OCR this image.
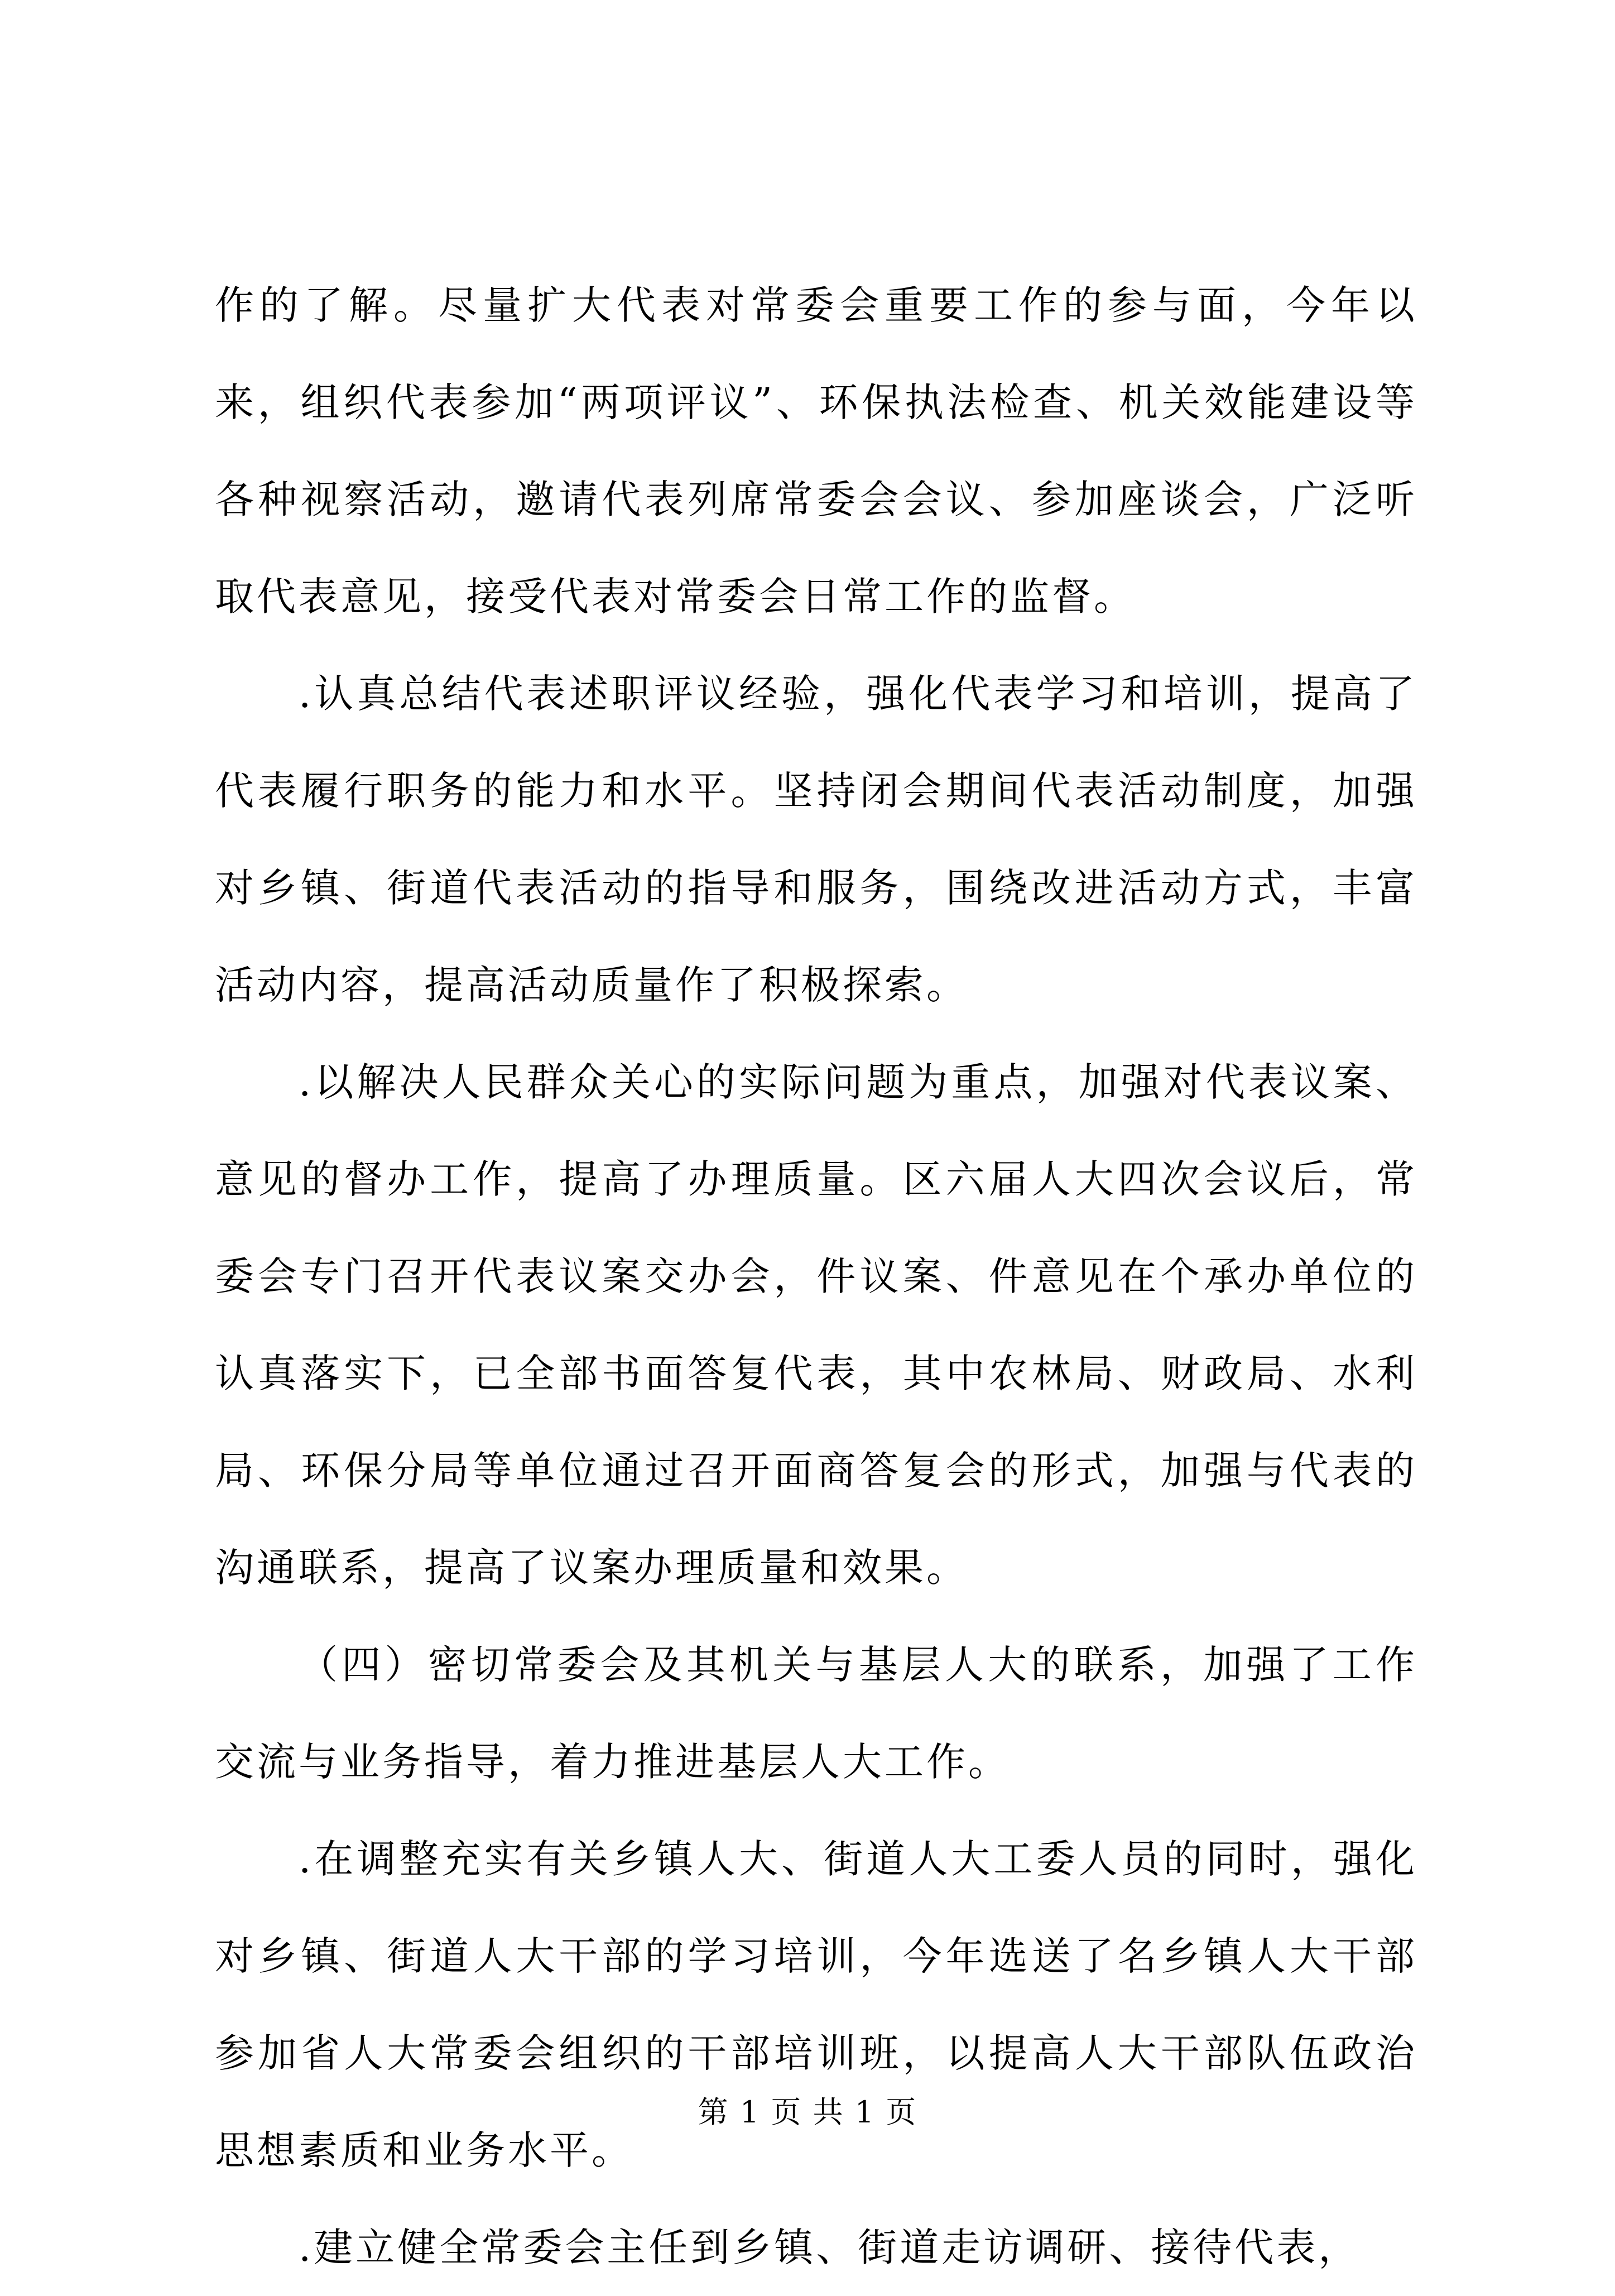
作的了解。尽量扩大代表对常委会重要工作的参与面，今年以来，组织代表参加“两项评议”、环保执法检查、机关效能建设等各种视察活动，邀请代表列席常委会会议、参加座谈会，广泛听取代表意见，接受代表对常委会日常工作的监督。

.认真总结代表述职评议经验，强化代表学习和培训，提高了代表履行职务的能力和水平。坚持闭会期间代表活动制度，加强对乡镇、街道代表活动的指导和服务，围绕改进活动方式，丰富活动内容，提高活动质量作了积极探索。

.以解决人民群众关心的实际问题为重点，加强对代表议案、意见的督办工作，提高了办理质量。区六届人大四次会议后，常委会专门召开代表议案交办会，件议案、件意见在个承办单位的认真落实下，已全部书面答复代表，其中农林局、财政局、水利局、环保分局等单位通过召开面商答复会的形式，加强与代表的沟通联系，提高了议案办理质量和效果。

（四）密切常委会及其机关与基层人大的联系，加强了工作交流与业务指导，着力推进基层人大工作。

.在调整充实有关乡镇人大、街道人大工委人员的同时，强化对乡镇、街道人大干部的学习培训，今年选送了名乡镇人大干部参加省人大常委会组织的干部培训班，以提高人大干部队伍政治思想素质和业务水平。

.建立健全常委会主任到乡镇、街道走访调研、接待代表，

第 1 页 共 1 页
